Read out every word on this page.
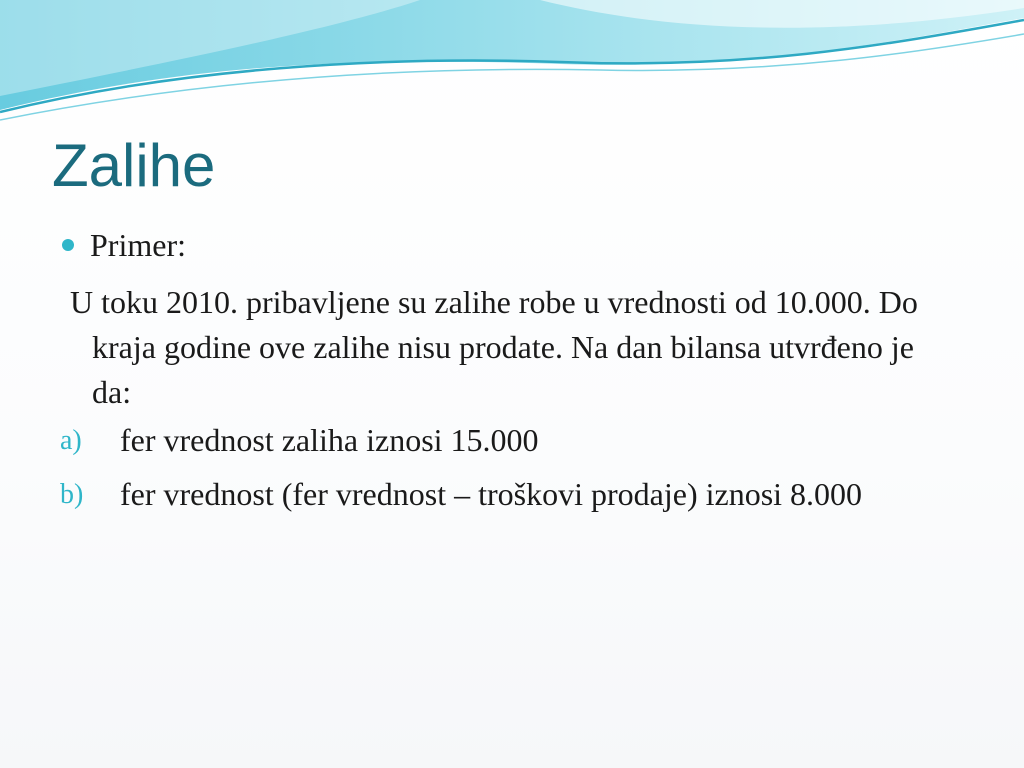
Zalihe
Primer:
U toku 2010. pribavljene su zalihe robe u vrednosti od 10.000. Do kraja godine ove zalihe nisu prodate. Na dan bilansa utvrđeno je da:
a)	fer vrednost zaliha iznosi 15.000
b)	fer vrednost (fer vrednost – troškovi prodaje) iznosi 8.000
